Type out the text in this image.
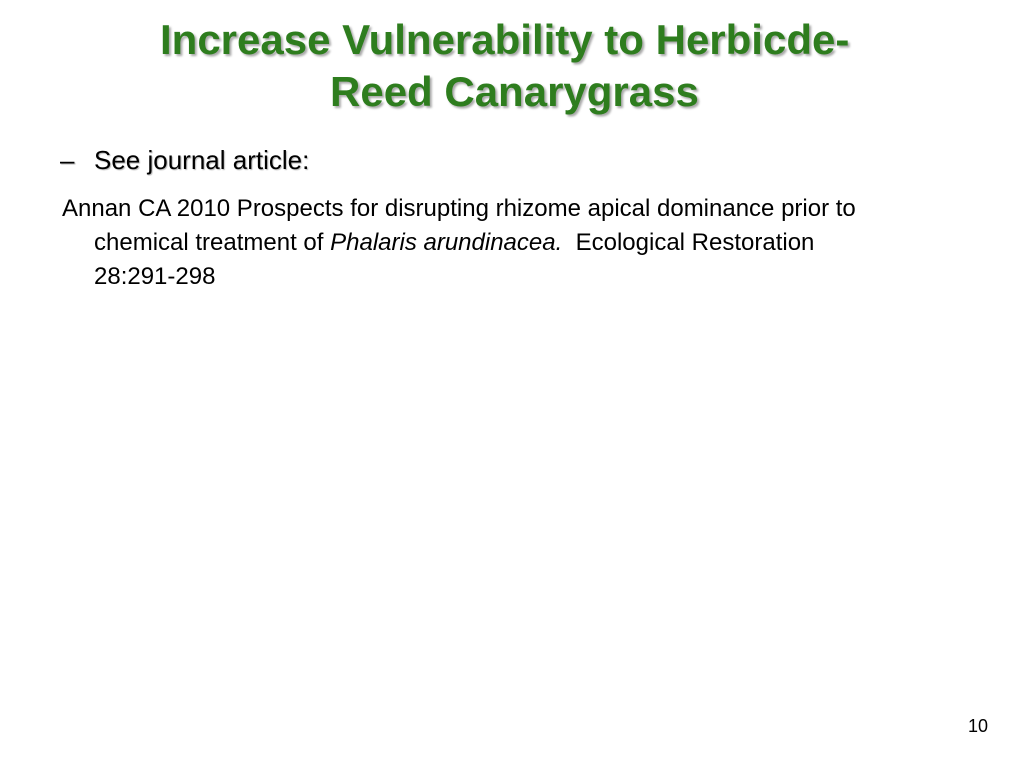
Increase Vulnerability to Herbicde-
Reed Canarygrass
– See journal article:
Annan CA 2010 Prospects for disrupting rhizome apical dominance prior to
chemical treatment of Phalaris arundinacea.  Ecological Restoration
28:291-298
10
